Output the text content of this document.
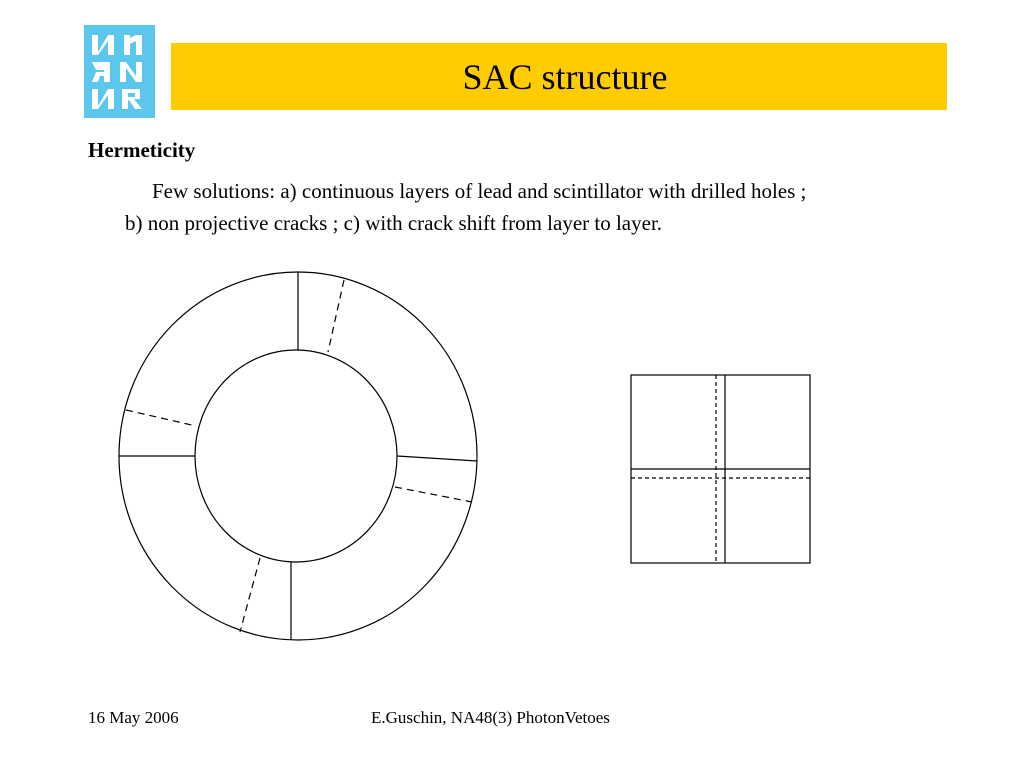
SAC structure
Hermeticity
Few solutions: a) continuous layers of lead and scintillator with drilled holes ;
b) non projective cracks ; c) with crack shift from layer to layer.
16 May 2006	E.Guschin, NA48(3) PhotonVetoes
